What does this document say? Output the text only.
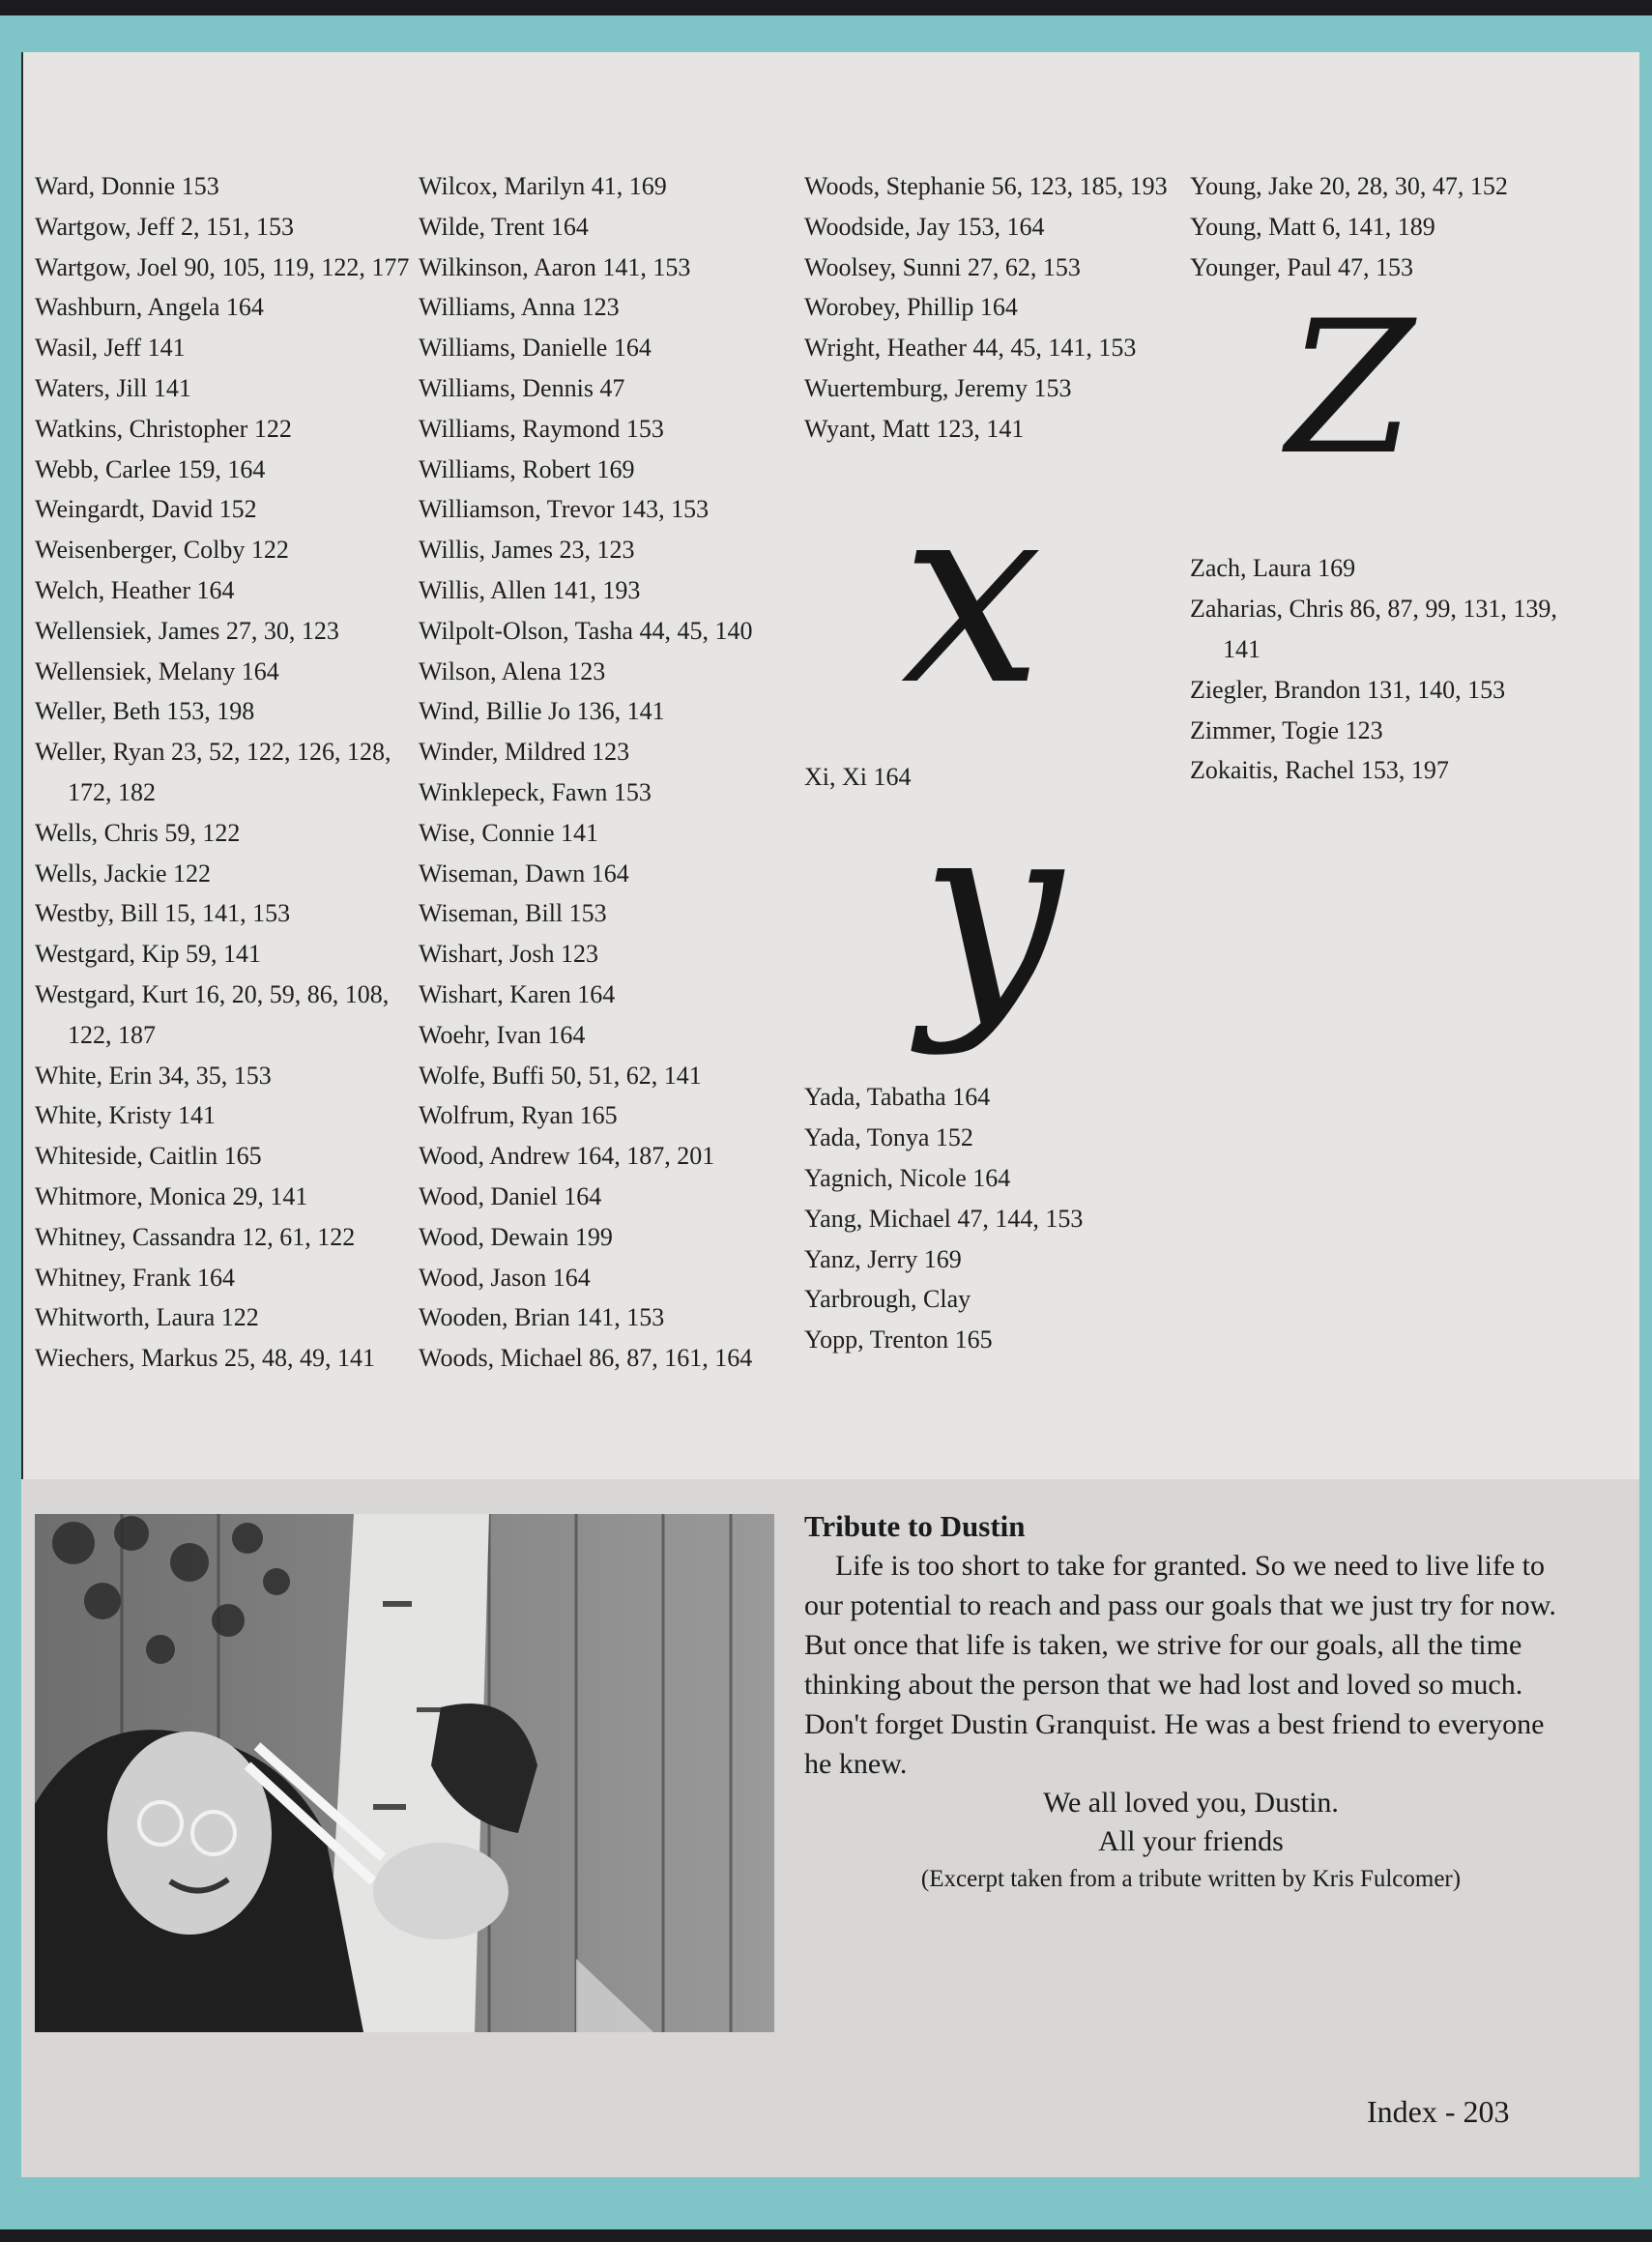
Ward, Donnie 153
Wartgow, Jeff 2, 151, 153
Wartgow, Joel 90, 105, 119, 122, 177
Washburn, Angela 164
Wasil, Jeff 141
Waters, Jill 141
Watkins, Christopher 122
Webb, Carlee 159, 164
Weingardt, David 152
Weisenberger, Colby 122
Welch, Heather 164
Wellensiek, James 27, 30, 123
Wellensiek, Melany 164
Weller, Beth 153, 198
Weller, Ryan 23, 52, 122, 126, 128, 172, 182
Wells, Chris 59, 122
Wells, Jackie 122
Westby, Bill 15, 141, 153
Westgard, Kip 59, 141
Westgard, Kurt 16, 20, 59, 86, 108, 122, 187
White, Erin 34, 35, 153
White, Kristy 141
Whiteside, Caitlin 165
Whitmore, Monica 29, 141
Whitney, Cassandra 12, 61, 122
Whitney, Frank 164
Whitworth, Laura 122
Wiechers, Markus 25, 48, 49, 141
Wilcox, Marilyn 41, 169
Wilde, Trent 164
Wilkinson, Aaron 141, 153
Williams, Anna 123
Williams, Danielle 164
Williams, Dennis 47
Williams, Raymond 153
Williams, Robert 169
Williamson, Trevor 143, 153
Willis, James 23, 123
Willis, Allen 141, 193
Wilpolt-Olson, Tasha 44, 45, 140
Wilson, Alena 123
Wind, Billie Jo 136, 141
Winder, Mildred 123
Winklepeck, Fawn 153
Wise, Connie 141
Wiseman, Dawn 164
Wiseman, Bill 153
Wishart, Josh 123
Wishart, Karen 164
Woehr, Ivan 164
Wolfe, Buffi 50, 51, 62, 141
Wolfrum, Ryan 165
Wood, Andrew 164, 187, 201
Wood, Daniel 164
Wood, Dewain 199
Wood, Jason 164
Wooden, Brian 141, 153
Woods, Michael 86, 87, 161, 164
Woods, Stephanie 56, 123, 185, 193
Woodside, Jay 153, 164
Woolsey, Sunni 27, 62, 153
Worobey, Phillip 164
Wright, Heather 44, 45, 141, 153
Wuertemburg, Jeremy 153
Wyant, Matt 123, 141
x
Xi, Xi 164 y
Yada, Tabatha 164
Yada, Tonya 152
Yagnich, Nicole 164
Yang, Michael 47, 144, 153
Yanz, Jerry 169
Yarbrough, Clay
Yopp, Trenton 165
Young, Jake 20, 28, 30, 47, 152
Young, Matt 6, 141, 189
Younger, Paul 47, 153
Z
Zach, Laura 169
Zaharias, Chris 86, 87, 99, 131, 139, 141
Ziegler, Brandon 131, 140, 153
Zimmer, Togie 123
Zokaitis, Rachel 153, 197
Tribute to Dustin

Life is too short to take for granted. So we need to live life to our potential to reach and pass our goals that we just try for now. But once that life is taken, we strive for our goals, all the time thinking about the person that we had lost and loved so much. Don't forget Dustin Granquist. He was a best friend to everyone he knew.

We all loved you, Dustin.
All your friends
(Excerpt taken from a tribute written by Kris Fulcomer)
Index - 203
